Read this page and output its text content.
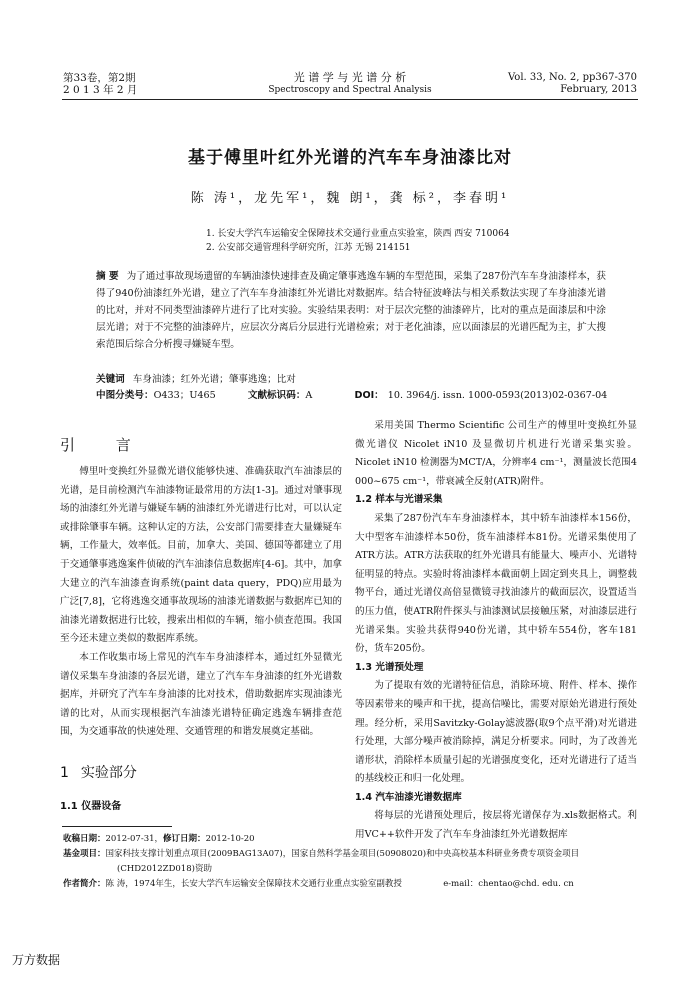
第33卷，第2期
2 0 1 3 年 2 月
光 谱 学 与 光 谱 分 析
Spectroscopy and Spectral Analysis
Vol. 33, No. 2, pp367-370
February, 2013
基于傅里叶红外光谱的汽车车身油漆比对
陈 涛¹，龙先军¹，魏 朗¹，龚 标²，李春明¹
1. 长安大学汽车运输安全保障技术交通行业重点实验室，陕西 西安 710064
2. 公安部交通管理科学研究所，江苏 无锡 214151
摘 要 为了通过事故现场遗留的车辆油漆快速排查及确定肇事逃逸车辆的车型范围，采集了287份汽车车身油漆样本，获得了940份油漆红外光谱，建立了汽车车身油漆红外光谱比对数据库。结合特征波峰法与相关系数法实现了车身油漆光谱的比对，并对不同类型油漆碎片进行了比对实验。实验结果表明：对于层次完整的油漆碎片，比对的重点是面漆层和中涂层光谱；对于不完整的油漆碎片，应层次分离后分层进行光谱检索；对于老化油漆，应以面漆层的光谱匹配为主，扩大搜索范围后综合分析搜寻嫌疑车型。
关键词 车身油漆；红外光谱；肇事逃逸；比对
中图分类号：O433；U465	文献标识码：A	DOI： 10. 3964/j. issn. 1000-0593(2013)02-0367-04
引 言

傅里叶变换红外显微光谱仪能够快速、准确获取汽车油漆层的光谱，是目前检测汽车油漆物证最常用的方法[1-3]。通过对肇事现场的油漆红外光谱与嫌疑车辆的油漆红外光谱进行比对，可以认定或排除肇事车辆。这种认定的方法，公安部门需要排查大量嫌疑车辆，工作量大，效率低。目前，加拿大、美国、德国等都建立了用于交通肇事逃逸案件侦破的汽车油漆信息数据库[4-6]。其中，加拿大建立的汽车油漆查询系统(paint data query，PDQ)应用最为广泛[7,8]，它将逃逸交通事故现场的油漆光谱数据与数据库已知的油漆光谱数据进行比较，搜索出相似的车辆，缩小侦查范围。我国至今还未建立类似的数据库系统。

本工作收集市场上常见的汽车车身油漆样本，通过红外显微光谱仪采集车身油漆的各层光谱，建立了汽车车身油漆的红外光谱数据库，并研究了汽车车身油漆的比对技术，借助数据库实现油漆光谱的比对，从而实现根据汽车油漆光谱特征确定逃逸车辆排查范围，为交通事故的快速处理、交通管理的和谐发展奠定基础。

1 实验部分
1.1 仪器设备

采用美国 Thermo Scientific 公司生产的傅里叶变换红外显微光谱仪 Nicolet iN10 及显微切片机进行光谱采集实验。Nicolet iN10 检测器为MCT/A，分辨率4 cm⁻¹，测量波长范围4 000~675 cm⁻¹，带衰减全反射(ATR)附件。

1.2 样本与光谱采集

采集了287份汽车车身油漆样本，其中轿车油漆样本156份，大中型客车油漆样本50份，货车油漆样本81份。光谱采集使用了ATR方法。ATR方法获取的红外光谱具有能量大、噪声小、光谱特征明显的特点。实验时将油漆样本截面朝上固定到夹具上，调整载物平台，通过光谱仪高倍显微镜寻找油漆片的截面层次，设置适当的压力值，使ATR附件探头与油漆测试层接触压紧，对油漆层进行光谱采集。实验共获得940份光谱，其中轿车554份，客车181份，货车205份。

1.3 光谱预处理

为了提取有效的光谱特征信息，消除环境、附件、样本、操作等因素带来的噪声和干扰，提高信噪比，需要对原始光谱进行预处理。经分析，采用Savitzky-Golay滤波器(取9个点平滑)对光谱进行处理，大部分噪声被消除掉，满足分析要求。同时，为了改善光谱形状，消除样本质量引起的光谱强度变化，还对光谱进行了适当的基线校正和归一化处理。

1.4 汽车油漆光谱数据库

将每层的光谱预处理后，按层将光谱保存为.xls数据格式。利用VC++软件开发了汽车车身油漆红外光谱数据库

收稿日期：2012-07-31，修订日期：2012-10-20
基金项目：国家科技支撑计划重点项目(2009BAG13A07)，国家自然科学基金项目(50908020)和中央高校基本科研业务费专项资金项目
(CHD2012ZD018)资助
作者简介：陈 涛，1974年生，长安大学汽车运输安全保障技术交通行业重点实验室副教授	e-mail：chentao@chd. edu. cn
万方数据
